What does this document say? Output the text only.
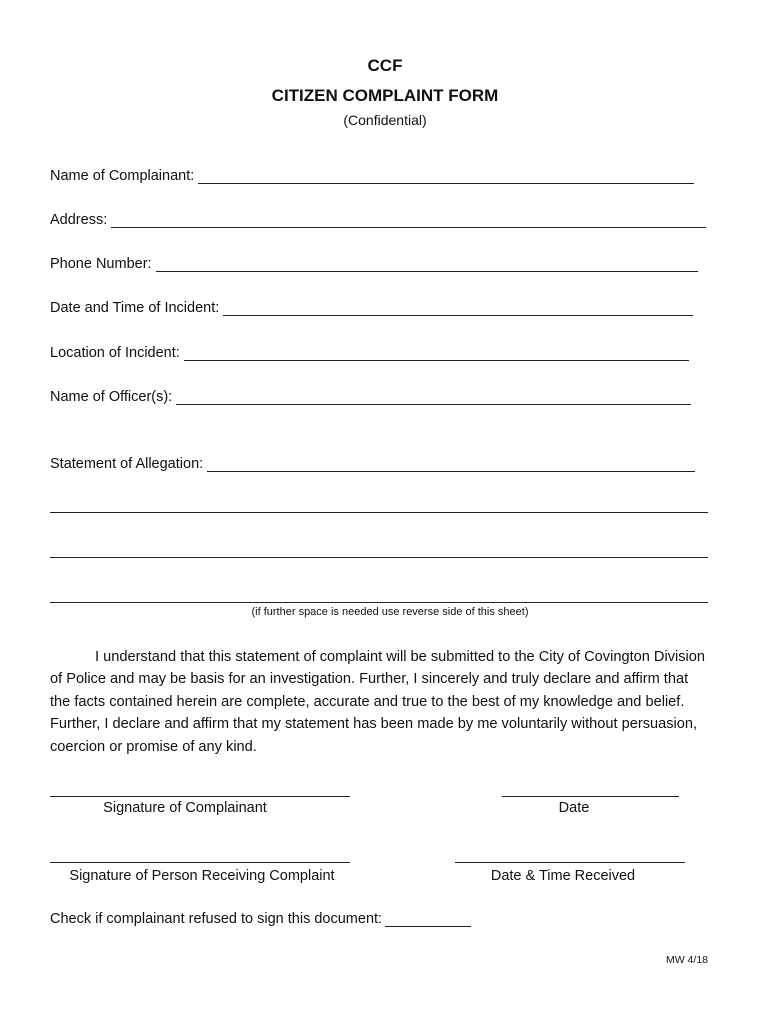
CCF
CITIZEN COMPLAINT FORM
(Confidential)
Name of Complainant:
Address:
Phone Number:
Date and Time of Incident:
Location of Incident:
Name of Officer(s):
Statement of Allegation:
(if further space is needed use reverse side of this sheet)

I understand that this statement of complaint will be submitted to the City of Covington Division of Police and may be basis for an investigation. Further, I sincerely and truly declare and affirm that the facts contained herein are complete, accurate and true to the best of my knowledge and belief. Further, I declare and affirm that my statement has been made by me voluntarily without persuasion, coercion or promise of any kind.

Signature of Complainant	Date
Signature of Person Receiving Complaint	Date & Time Received
Check if complainant refused to sign this document:
MW 4/18
